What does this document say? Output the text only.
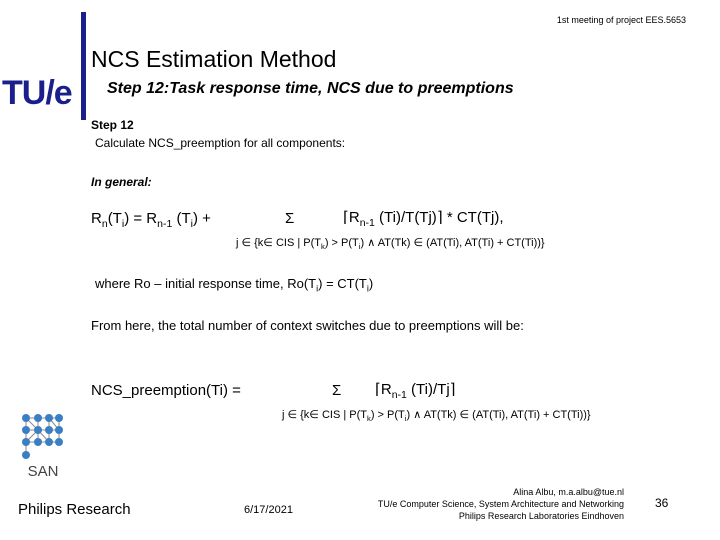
1st meeting of project EES.5653
TU/e
NCS Estimation Method
Step 12:Task response time, NCS due to preemptions
Step 12
Calculate NCS_preemption for all components:
In general:
$R_n(T_i) = R_{n-1}$ $(T_i)$ +	Σ	$⌈R_{n-1}$ (Ti)/T(Tj)⌉ * CT(Tj),
j ∈ {k∈ CIS | $P(T_k) > P(T_i)$ ∧ AT(Tk) ∈ (AT(Ti), AT(Ti) + CT(Ti))}
where Ro – initial response time, $Ro(T_i) = CT(T_i)$
From here, the total number of context switches due to preemptions will be:
NCS_preemption(Ti) =	Σ $⌈R_{n-1}$ (Ti)/Tj⌉
j ∈ {k∈ CIS | $P(T_k) > P(T_i)$ ∧ AT(Tk) ∈ (AT(Ti), AT(Ti) + CT(Ti))}
SAN
Philips Research	6/17/2021
Alina Albu, m.a.albu@tue.nl
TU/e Computer Science, System Architecture and Networking
Philips Research Laboratories Eindhoven
36
